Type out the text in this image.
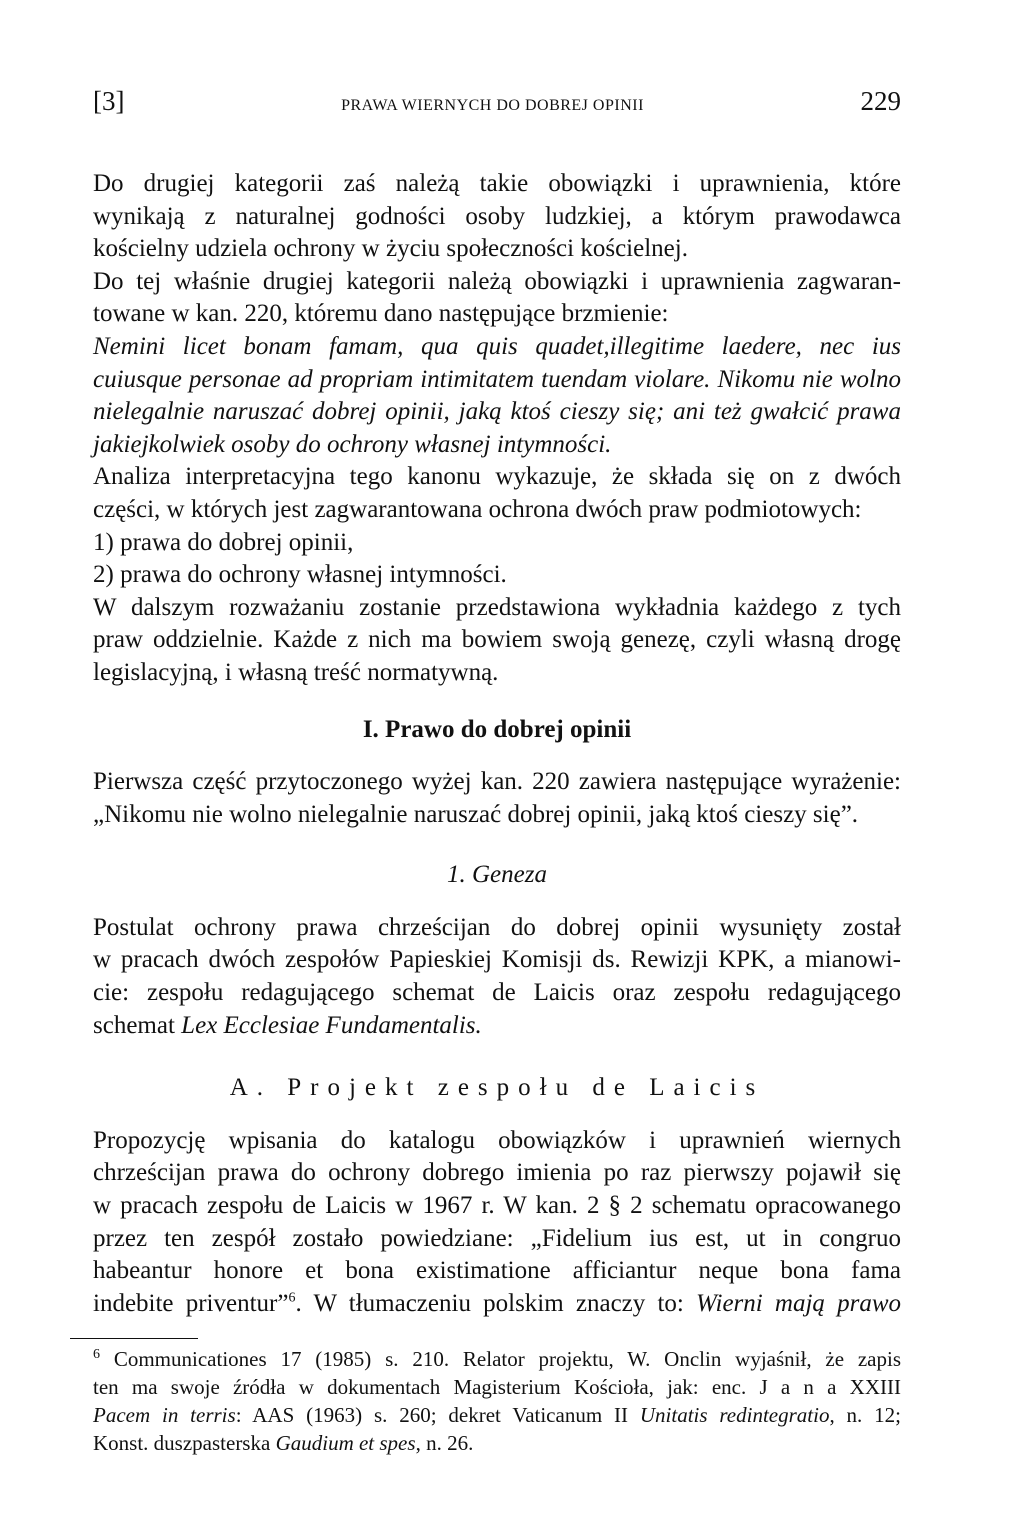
[3]	PRAWA WIERNYCH DO DOBREJ OPINII	229
Do drugiej kategorii zaś należą takie obowiązki i uprawnienia, które
wynikają z naturalnej godności osoby ludzkiej, a którym prawodawca
kościelny udziela ochrony w życiu społeczności kościelnej.
Do tej właśnie drugiej kategorii należą obowiązki i uprawnienia zagwaran-
towane w kan. 220, któremu dano następujące brzmienie:
Nemini licet bonam famam, qua quis quadet,illegitime laedere, nec ius
cuiusque personae ad propriam intimitatem tuendam violare. Nikomu nie wolno
nielegalnie naruszać dobrej opinii, jaką ktoś cieszy się; ani też gwałcić prawa
jakiejkolwiek osoby do ochrony własnej intymności.
Analiza interpretacyjna tego kanonu wykazuje, że składa się on z dwóch
części, w których jest zagwarantowana ochrona dwóch praw podmiotowych:
1) prawa do dobrej opinii,
2) prawa do ochrony własnej intymności.
W dalszym rozważaniu zostanie przedstawiona wykładnia każdego z tych
praw oddzielnie. Każde z nich ma bowiem swoją genezę, czyli własną drogę
legislacyjną, i własną treść normatywną.
I. Prawo do dobrej opinii
Pierwsza część przytoczonego wyżej kan. 220 zawiera następujące wyrażenie:
„Nikomu nie wolno nielegalnie naruszać dobrej opinii, jaką ktoś cieszy się”.
1. Geneza
Postulat ochrony prawa chrześcijan do dobrej opinii wysunięty został
w pracach dwóch zespołów Papieskiej Komisji ds. Rewizji KPK, a mianowi-
cie: zespołu redagującego schemat de Laicis oraz zespołu redagującego
schemat Lex Ecclesiae Fundamentalis.
A. Projekt zespołu de Laicis
Propozycję wpisania do katalogu obowiązków i uprawnień wiernych
chrześcijan prawa do ochrony dobrego imienia po raz pierwszy pojawił się
w pracach zespołu de Laicis w 1967 r. W kan. 2 § 2 schematu opracowanego
przez ten zespół zostało powiedziane: „Fidelium ius est, ut in congruo
habeantur honore et bona existimatione afficiantur neque bona fama
indebite priventur”$^6$. W tłumaczeniu polskim znaczy to: Wierni mają prawo
$^6$ Communicationes 17 (1985) s. 210. Relator projektu, W. Onclin wyjaśnił, że zapis
ten ma swoje źródła w dokumentach Magisterium Kościoła, jak: enc. J a n a XXIII
Pacem in terris: AAS (1963) s. 260; dekret Vaticanum II Unitatis redintegratio, n. 12;
Konst. duszpasterska Gaudium et spes, n. 26.
